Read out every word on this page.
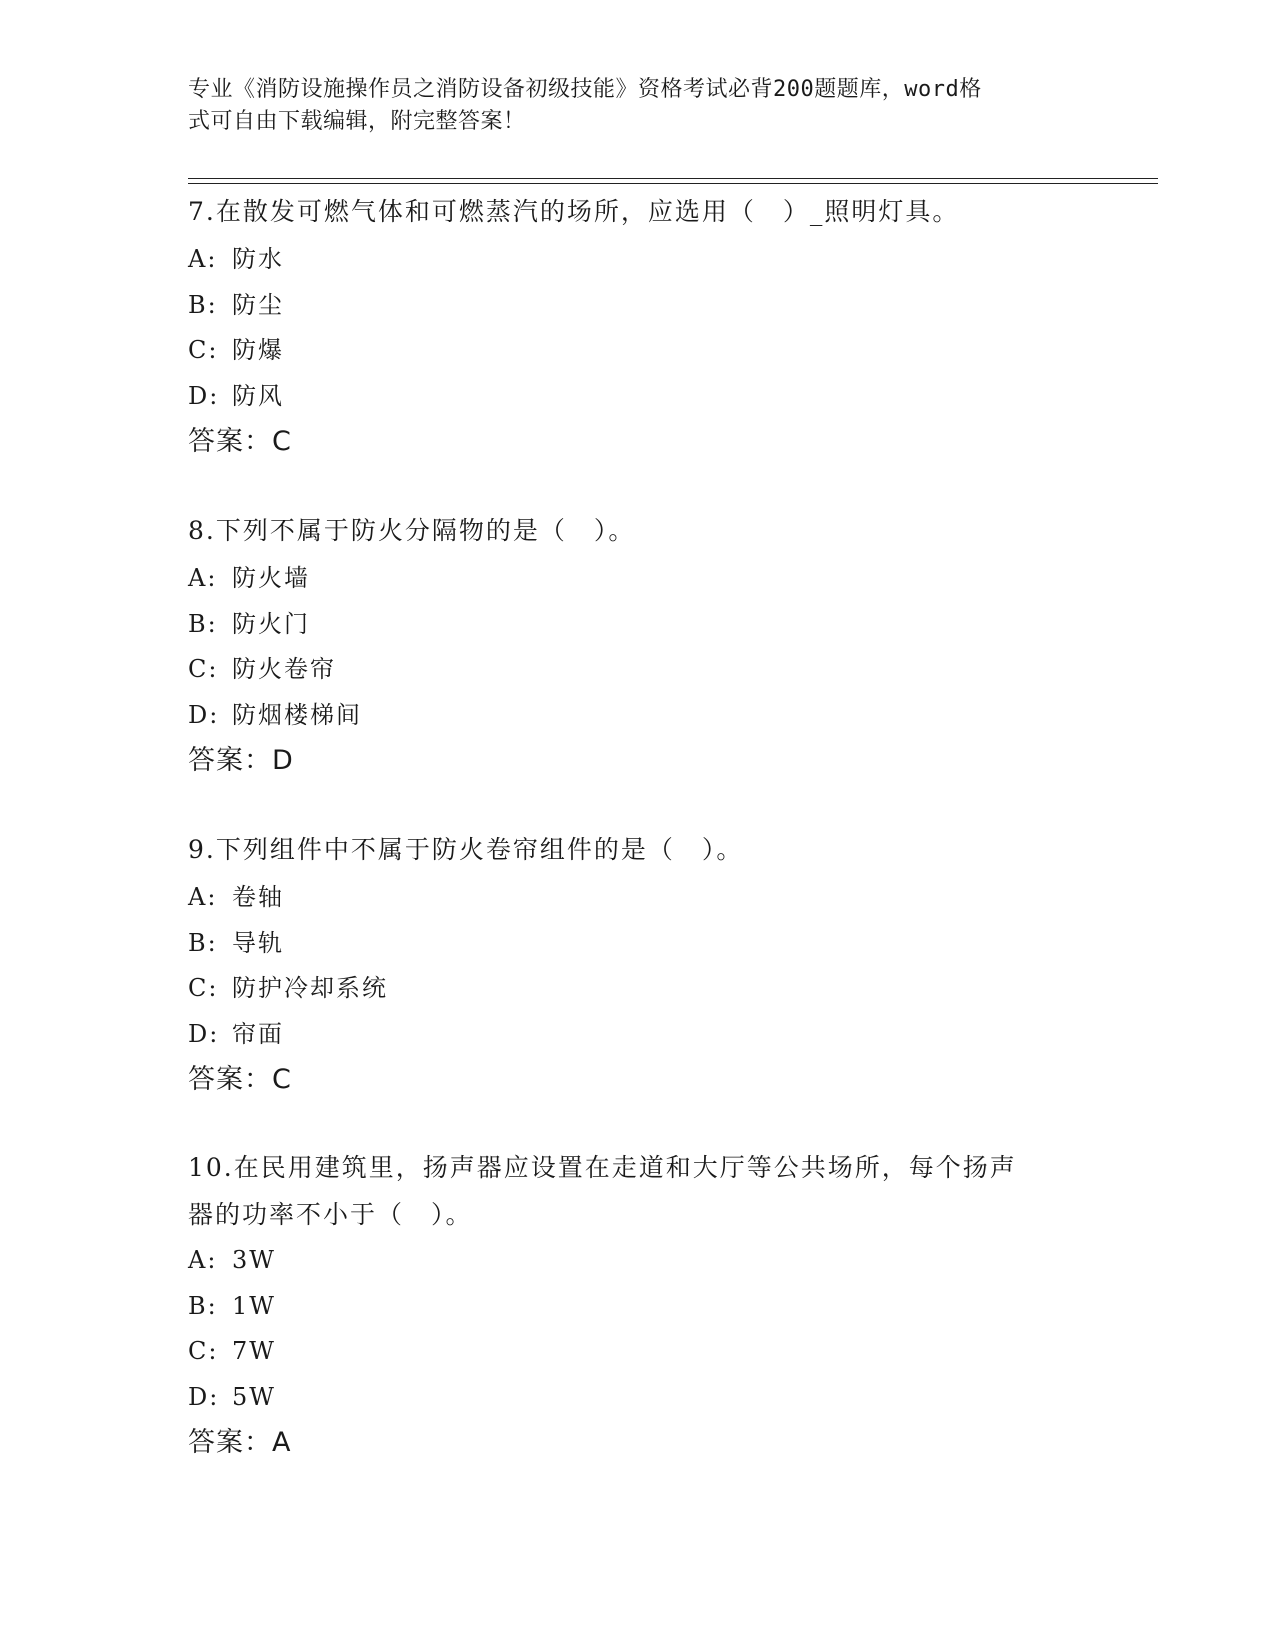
专业《消防设施操作员之消防设备初级技能》资格考试必背200题题库，word格
式可自由下载编辑，附完整答案！

7.在散发可燃气体和可燃蒸汽的场所，应选用（　）_照明灯具。

A: 防水
B: 防尘
C: 防爆
D: 防风
答案：C

8.下列不属于防火分隔物的是（　）。

A: 防火墙
B: 防火门
C: 防火卷帘
D: 防烟楼梯间
答案：D

9.下列组件中不属于防火卷帘组件的是（　）。

A: 卷轴
B: 导轨
C: 防护冷却系统
D: 帘面
答案：C

10.在民用建筑里，扬声器应设置在走道和大厅等公共场所，每个扬声

器的功率不小于（　）。

A: 3W
B: 1W
C: 7W
D: 5W
答案：A
